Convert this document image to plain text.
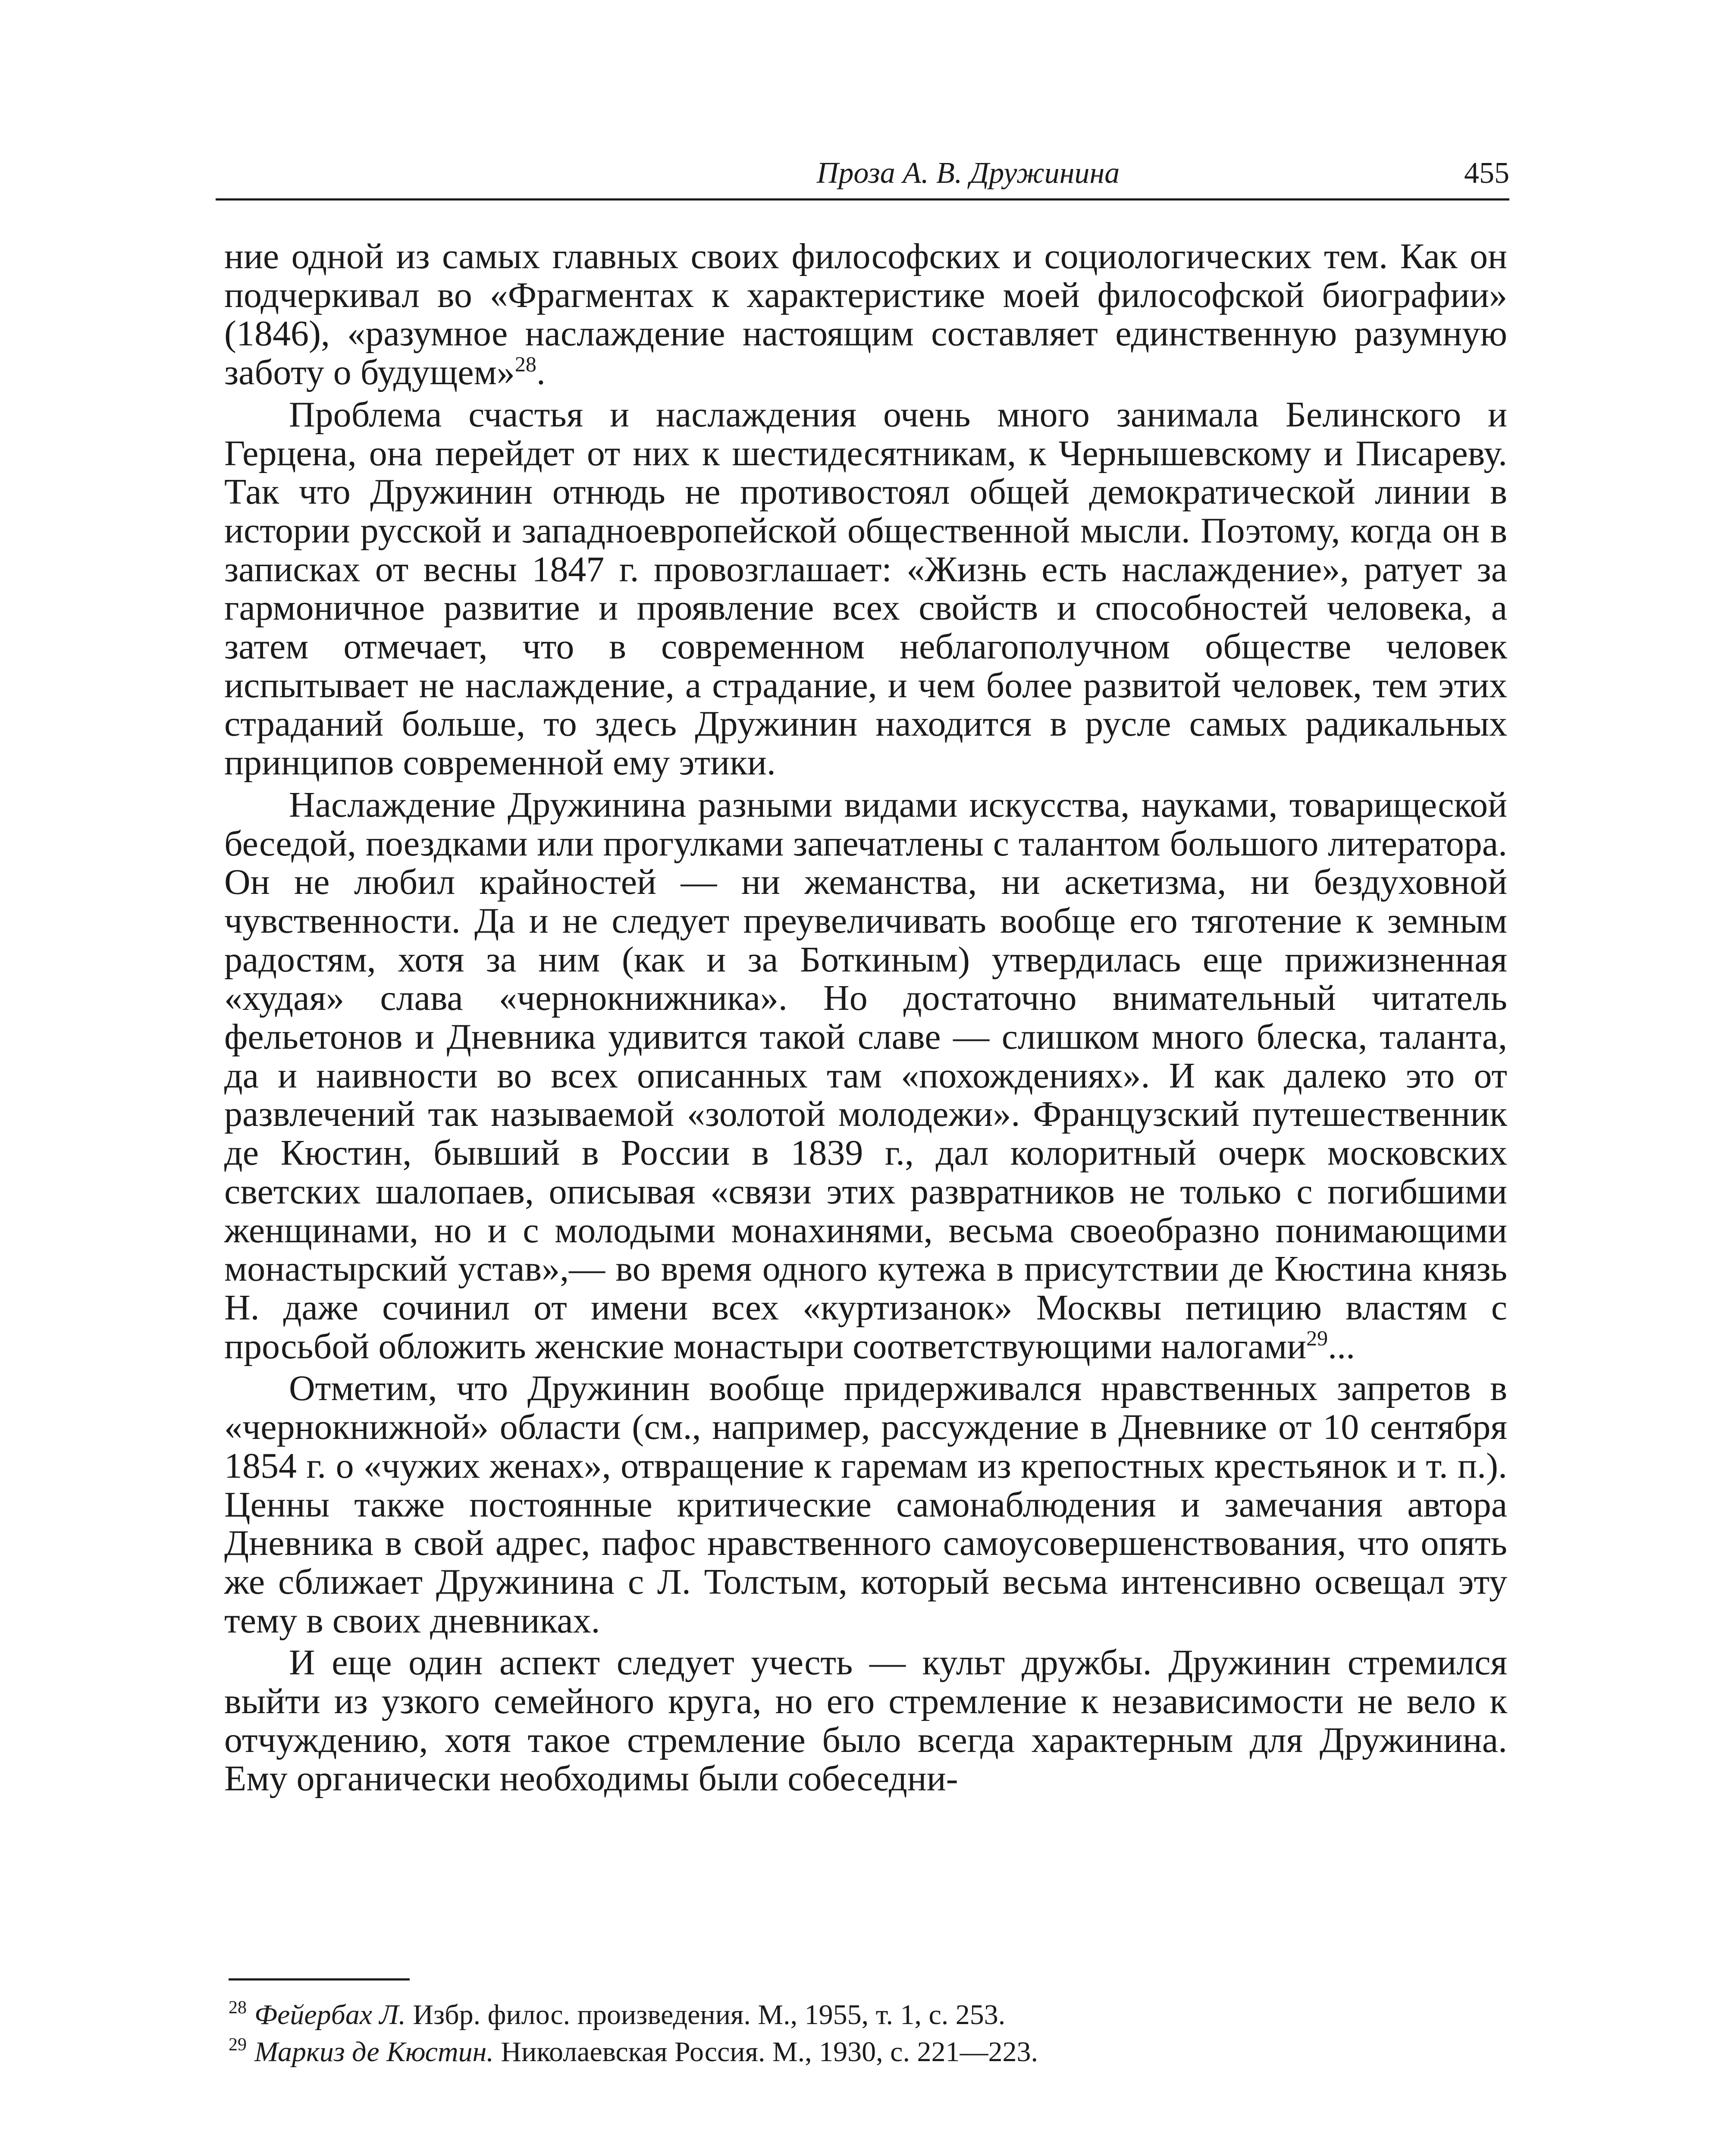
Проза А. В. Дружинина	455

ние одной из самых главных своих философских и социологических тем. Как он подчеркивал во «Фрагментах к характеристике моей философской биографии» (1846), «разумное наслаждение настоящим составляет единственную разумную заботу о будущем»$^{28}$.

Проблема счастья и наслаждения очень много занимала Белинского и Герцена, она перейдет от них к шестидесятникам, к Чернышевскому и Писареву. Так что Дружинин отнюдь не противостоял общей демократической линии в истории русской и западноевропейской общественной мысли. Поэтому, когда он в записках от весны 1847 г. провозглашает: «Жизнь есть наслаждение», ратует за гармоничное развитие и проявление всех свойств и способностей человека, а затем отмечает, что в современном неблагополучном обществе человек испытывает не наслаждение, а страдание, и чем более развитой человек, тем этих страданий больше, то здесь Дружинин находится в русле самых радикальных принципов современной ему этики.

Наслаждение Дружинина разными видами искусства, науками, товарищеской беседой, поездками или прогулками запечатлены с талантом большого литератора. Он не любил крайностей — ни жеманства, ни аскетизма, ни бездуховной чувственности. Да и не следует преувеличивать вообще его тяготение к земным радостям, хотя за ним (как и за Боткиным) утвердилась еще прижизненная «худая» слава «чернокнижника». Но достаточно внимательный читатель фельетонов и Дневника удивится такой славе — слишком много блеска, таланта, да и наивности во всех описанных там «похождениях». И как далеко это от развлечений так называемой «золотой молодежи». Французский путешественник де Кюстин, бывший в России в 1839 г., дал колоритный очерк московских светских шалопаев, описывая «связи этих развратников не только с погибшими женщинами, но и с молодыми монахинями, весьма своеобразно понимающими монастырский устав»,— во время одного кутежа в присутствии де Кюстина князь Н. даже сочинил от имени всех «куртизанок» Москвы петицию властям с просьбой обложить женские монастыри соответствующими налогами$^{29}$...

Отметим, что Дружинин вообще придерживался нравственных запретов в «чернокнижной» области (см., например, рассуждение в Дневнике от 10 сентября 1854 г. о «чужих женах», отвращение к гаремам из крепостных крестьянок и т. п.). Ценны также постоянные критические самонаблюдения и замечания автора Дневника в свой адрес, пафос нравственного самоусовершенствования, что опять же сближает Дружинина с Л. Толстым, который весьма интенсивно освещал эту тему в своих дневниках.

И еще один аспект следует учесть — культ дружбы. Дружинин стремился выйти из узкого семейного круга, но его стремление к независимости не вело к отчуждению, хотя такое стремление было всегда характерным для Дружинина. Ему органически необходимы были собеседни-

$^{28}$ Фейербах Л. Избр. филос. произведения. М., 1955, т. 1, с. 253.

$^{29}$ Маркиз де Кюстин. Николаевская Россия. М., 1930, с. 221—223.
